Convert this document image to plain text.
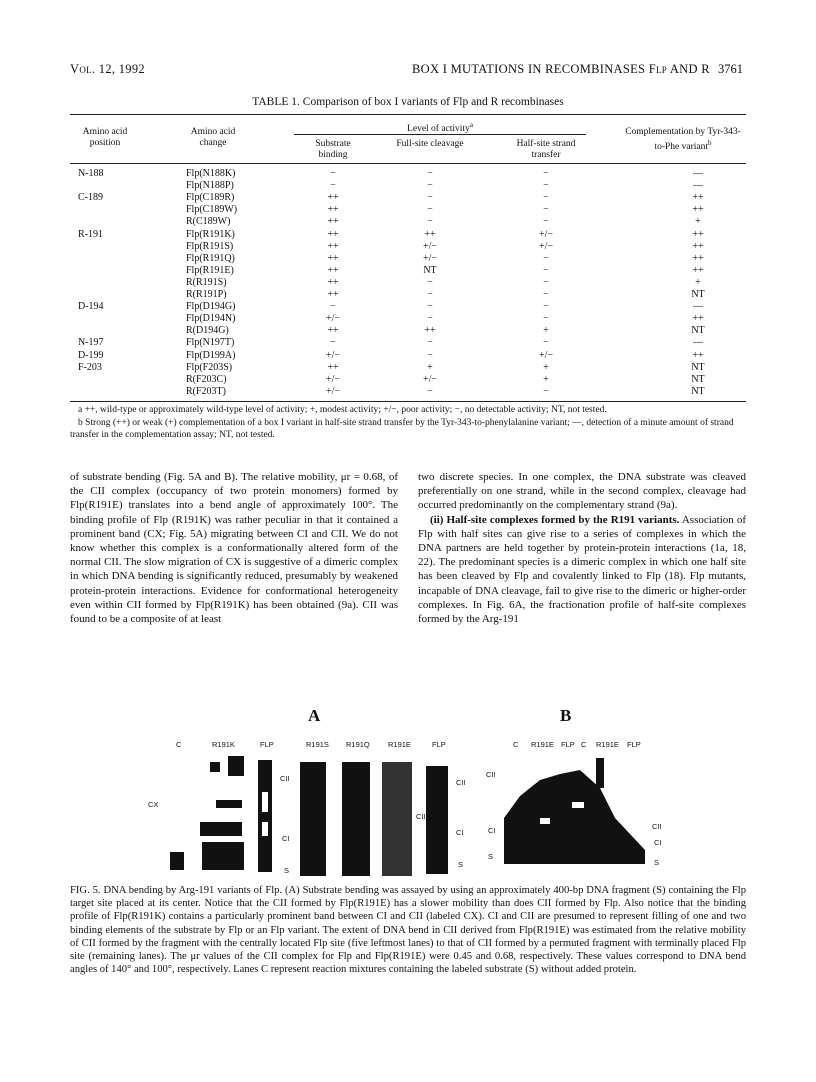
Vol. 12, 1992	BOX I MUTATIONS IN RECOMBINASES Flp AND R 3761
TABLE 1. Comparison of box I variants of Flp and R recombinases
Amino acid position
Amino acid change
Level of activity$^a$
Substrate binding
Full-site cleavage	Half-site strand transfer
Complementation by Tyr-343-to-Phe variant$^b$
N-188	Flp(N188K)	−	−	−	—
Flp(N188P)	−	−	−	—
C-189	Flp(C189R)	++	−	−	++
Flp(C189W)	++	−	−	++
R(C189W)	++	−	−	+
R-191	Flp(R191K)	++	++	+/−	++
Flp(R191S)	++	+/−	+/−	++
Flp(R191Q)	++	+/−	−	++
Flp(R191E)	++	NT	−	++
R(R191S)	++	−	−	+
R(R191P)	++	−	−	NT
D-194	Flp(D194G)	−	−	−	—
Flp(D194N)	+/−	−	−	++
R(D194G)	++	++	+	NT
N-197	Flp(N197T)	−	−	−	—
D-199	Flp(D199A)	+/−	−	+/−	++
F-203	Flp(F203S)	++	+	+	NT
R(F203C)	+/−	+/−	+	NT
R(F203T)	+/−	−	−	NT
a ++, wild-type or approximately wild-type level of activity; +, modest activity; +/−, poor activity; −, no detectable activity; NT, not tested.
b Strong (++) or weak (+) complementation of a box I variant in half-site strand transfer by the Tyr-343-to-phenylalanine variant; —, detection of a minute amount of strand transfer in the complementation assay; NT, not tested.
of substrate bending (Fig. 5A and B). The relative mobility, μr = 0.68, of the CII complex (occupancy of two protein monomers) formed by Flp(R191E) translates into a bend angle of approximately 100°. The binding profile of Flp (R191K) was rather peculiar in that it contained a prominent band (CX; Fig. 5A) migrating between CI and CII. We do not know whether this complex is a conformationally altered form of the normal CII. The slow migration of CX is suggestive of a dimeric complex in which DNA bending is significantly reduced, presumably by weakened protein-protein interactions. Evidence for conformational heterogeneity even within CII formed by Flp(R191K) has been obtained (9a). CII was found to be a composite of at least
two discrete species. In one complex, the DNA substrate was cleaved preferentially on one strand, while in the second complex, cleavage had occurred predominantly on the complementary strand (9a).
(ii) Half-site complexes formed by the R191 variants. Association of Flp with half sites can give rise to a series of complexes in which the DNA partners are held together by protein-protein interactions (1a, 18, 22). The predominant species is a dimeric complex in which one half site has been cleaved by Flp and covalently linked to Flp (18). Flp mutants, incapable of DNA cleavage, fail to give rise to the dimeric or higher-order complexes. In Fig. 6A, the fractionation profile of half-site complexes formed by the Arg-191
A	B
C	R191K	FLP	R191S R191Q R191E	FLP	C R191E FLP C R191E FLP
CX
CII
CI
S
CII
CII
CI
S
CII
CI
S
CII
CI
S
FIG. 5. DNA bending by Arg-191 variants of Flp. (A) Substrate bending was assayed by using an approximately 400-bp DNA fragment (S) containing the Flp target site placed at its center. Notice that the CII formed by Flp(R191E) has a slower mobility than does CII formed by Flp. Also notice that the binding profile of Flp(R191K) contains a particularly prominent band between CI and CII (labeled CX). CI and CII are presumed to represent filling of one and two binding elements of the substrate by Flp or an Flp variant. The extent of DNA bend in CII derived from Flp(R191E) was estimated from the relative mobility of CII formed by the fragment with the centrally located Flp site (five leftmost lanes) to that of CII formed by a permuted fragment with terminally placed Flp site (remaining lanes). The μr values of the CII complex for Flp and Flp(R191E) were 0.45 and 0.68, respectively. These values correspond to DNA bend angles of 140° and 100°, respectively. Lanes C represent reaction mixtures containing the labeled substrate (S) without added protein.
